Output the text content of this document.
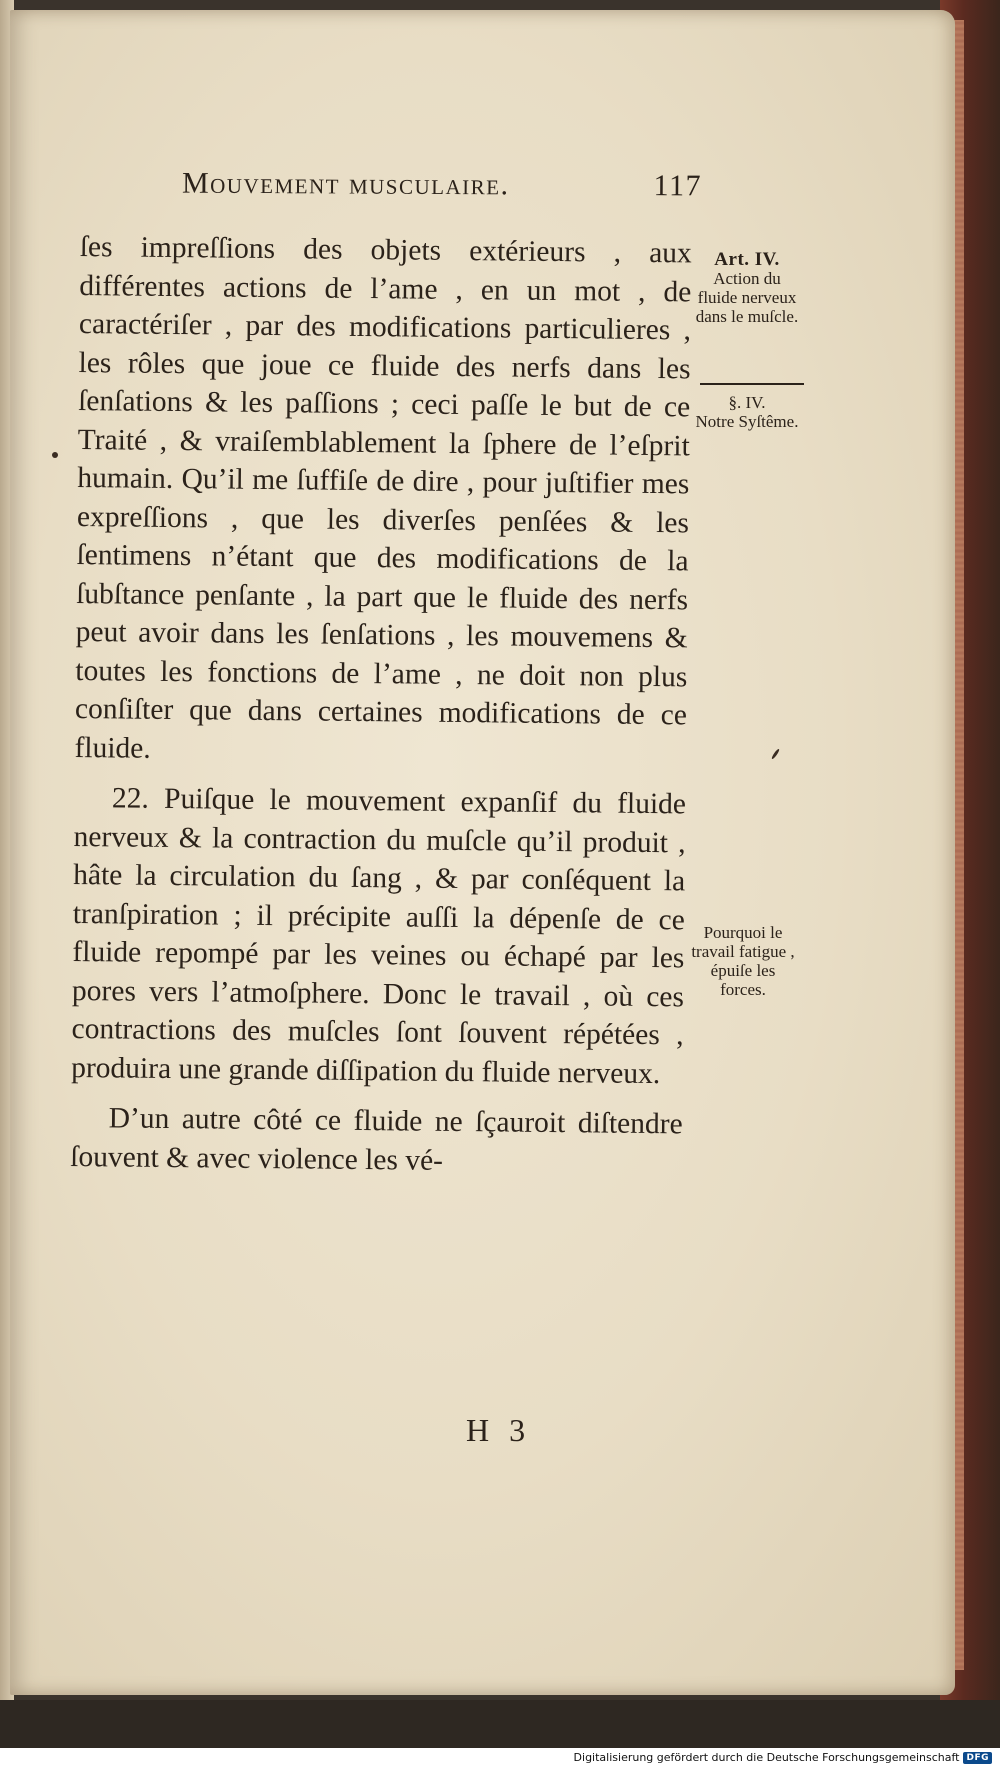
Mouvement musculaire.	117

ſes impreſſions des objets extérieurs , aux différentes actions de l’ame , en un mot , de caractériſer , par des modifications particulieres , les rôles que joue ce fluide des nerfs dans les ſenſations & les paſſions ; ceci paſſe le but de ce Traité , & vraiſemblablement la ſphere de l’eſprit humain. Qu’il me ſuffiſe de dire , pour juſtifier mes expreſſions , que les diverſes penſées & les ſentimens n’étant que des modifications de la ſubſtance penſante , la part que le fluide des nerfs peut avoir dans les ſenſations , les mouvemens & toutes les fonctions de l’ame , ne doit non plus conſiſter que dans certaines modifications de ce fluide.

22. Puiſque le mouvement expanſif du fluide nerveux & la contraction du muſcle qu’il produit , hâte la circulation du ſang , & par conſéquent la tranſpiration ; il précipite auſſi la dépenſe de ce fluide repompé par les veines ou échapé par les pores vers l’atmoſphere. Donc le travail , où ces contractions des muſcles ſont ſouvent répétées , produira une grande diſſipation du fluide nerveux.

D’un autre côté ce fluide ne ſçauroit diſtendre ſouvent & avec violence les vé-

Art. IV.
Action du fluide nerveux dans le muſcle.
§. IV.
Notre Syſtême.
Pourquoi le travail fatigue , épuiſe les forces.
H 3
Digitalisierung gefördert durch die Deutsche Forschungsgemeinschaft DFG
